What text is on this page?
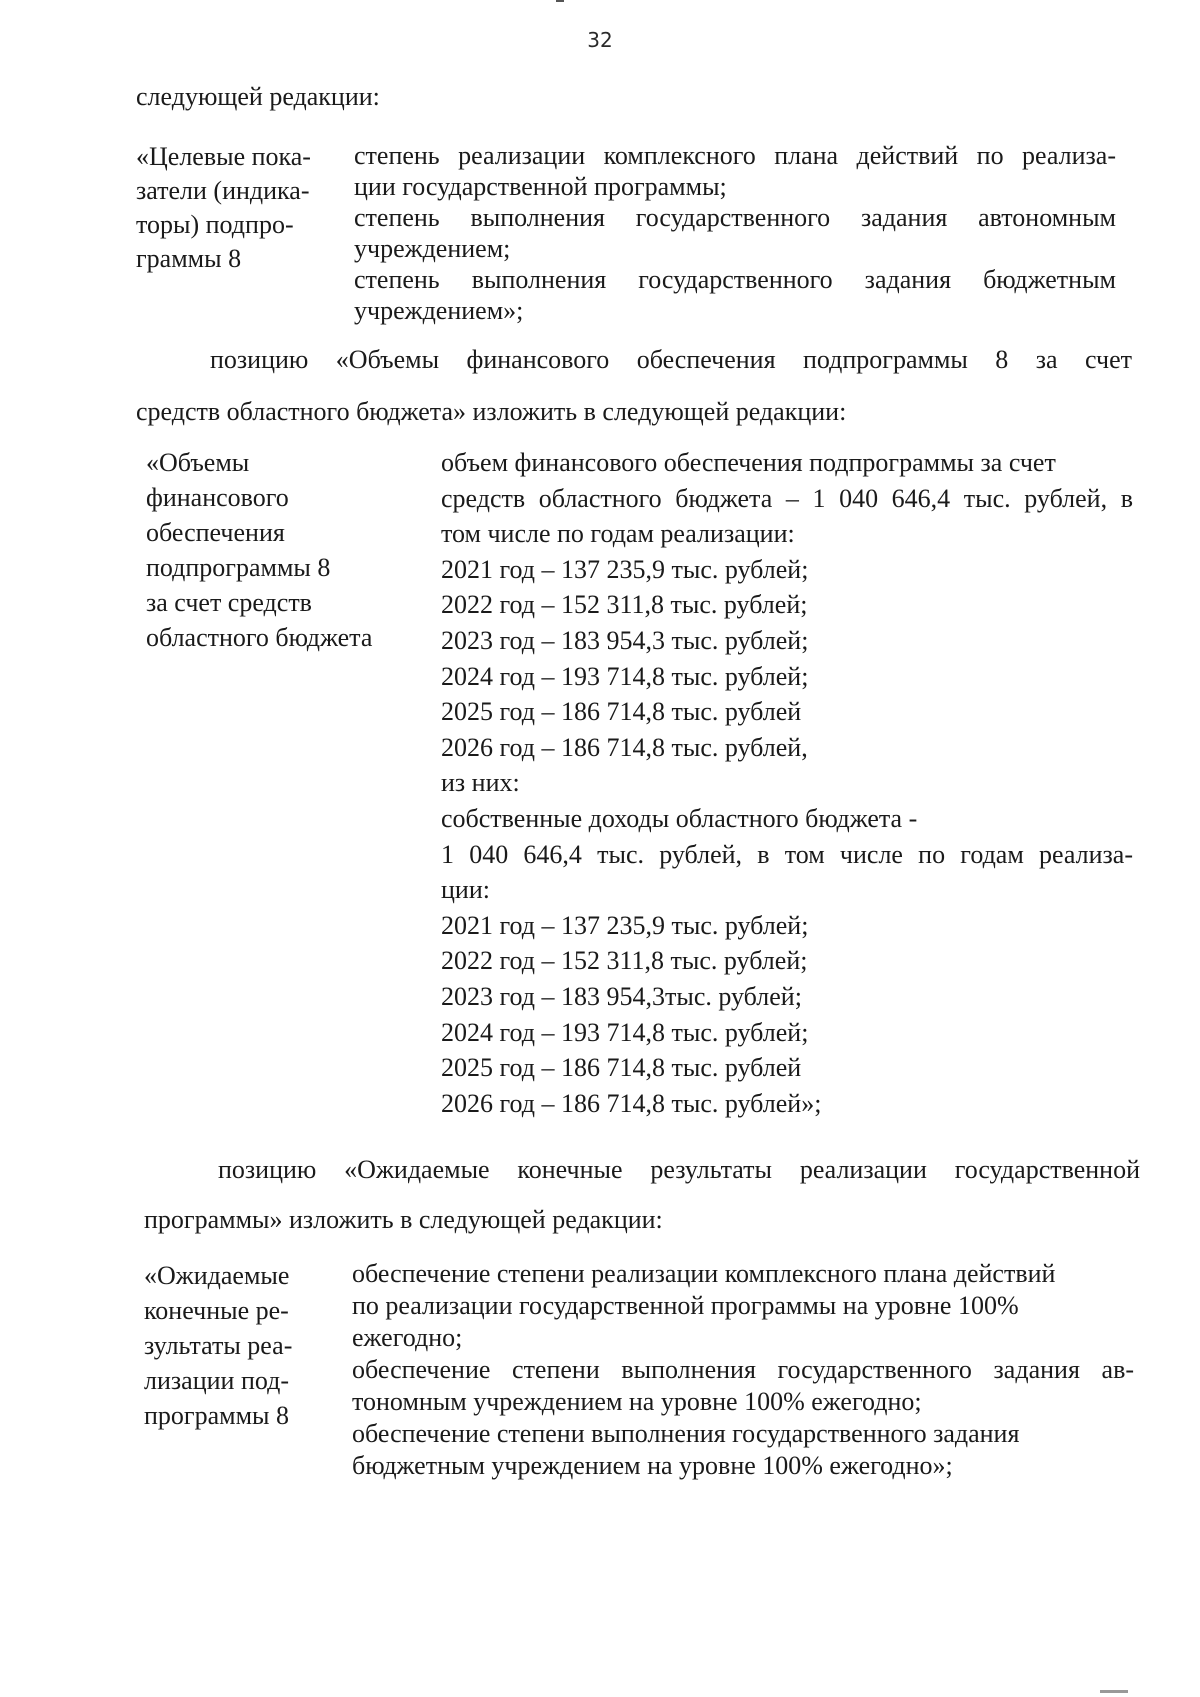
32
следующей редакции:
«Целевые пока-
затели (индика-
торы) подпро-
граммы 8
степень реализации комплексного плана действий по реализа-
ции государственной программы;
степень выполнения государственного задания автономным
учреждением;
степень выполнения государственного задания бюджетным
учреждением»;
позицию «Объемы финансового обеспечения подпрограммы 8 за счет
средств областного бюджета» изложить в следующей редакции:
«Объемы
финансового
обеспечения
подпрограммы 8
за счет средств
областного бюджета
объем финансового обеспечения подпрограммы за счет
средств областного бюджета – 1 040 646,4 тыс. рублей, в
том числе по годам реализации:
2021 год – 137 235,9 тыс. рублей;
2022 год – 152 311,8 тыс. рублей;
2023 год – 183 954,3 тыс. рублей;
2024 год – 193 714,8 тыс. рублей;
2025 год – 186 714,8 тыс. рублей
2026 год – 186 714,8 тыс. рублей,
из них:
собственные доходы областного бюджета -
1 040 646,4 тыс. рублей, в том числе по годам реализа-
ции:
2021 год – 137 235,9 тыс. рублей;
2022 год – 152 311,8 тыс. рублей;
2023 год – 183 954,3тыс. рублей;
2024 год – 193 714,8 тыс. рублей;
2025 год – 186 714,8 тыс. рублей
2026 год – 186 714,8 тыс. рублей»;
позицию «Ожидаемые конечные результаты реализации государственной
программы» изложить в следующей редакции:
«Ожидаемые
конечные ре-
зультаты реа-
лизации под-
программы 8
обеспечение степени реализации комплексного плана действий
по реализации государственной программы на уровне 100%
ежегодно;
обеспечение степени выполнения государственного задания ав-
тономным учреждением на уровне 100% ежегодно;
обеспечение степени выполнения государственного задания
бюджетным учреждением на уровне 100% ежегодно»;
